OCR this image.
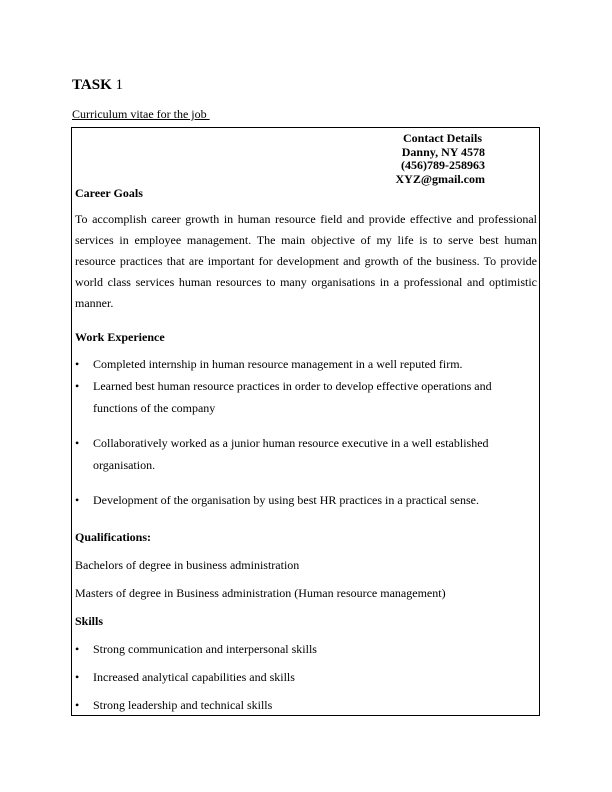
TASK 1
Curriculum vitae for the job
Contact Details
Danny, NY 4578
(456)789-258963
XYZ@gmail.com
Career Goals
To accomplish career growth in human resource field and provide effective and professional services in employee management. The main objective of my life is to serve best human resource practices that are important for development and growth of the business. To provide world class services human resources to many organisations in a professional and optimistic manner.
Work Experience
• Completed internship in human resource management in a well reputed firm.
• Learned best human resource practices in order to develop effective operations and functions of the company
• Collaboratively worked as a junior human resource executive in a well established organisation.
• Development of the organisation by using best HR practices in a practical sense.
Qualifications:
Bachelors of degree in business administration
Masters of degree in Business administration (Human resource management)
Skills
• Strong communication and interpersonal skills
• Increased analytical capabilities and skills
• Strong leadership and technical skills
